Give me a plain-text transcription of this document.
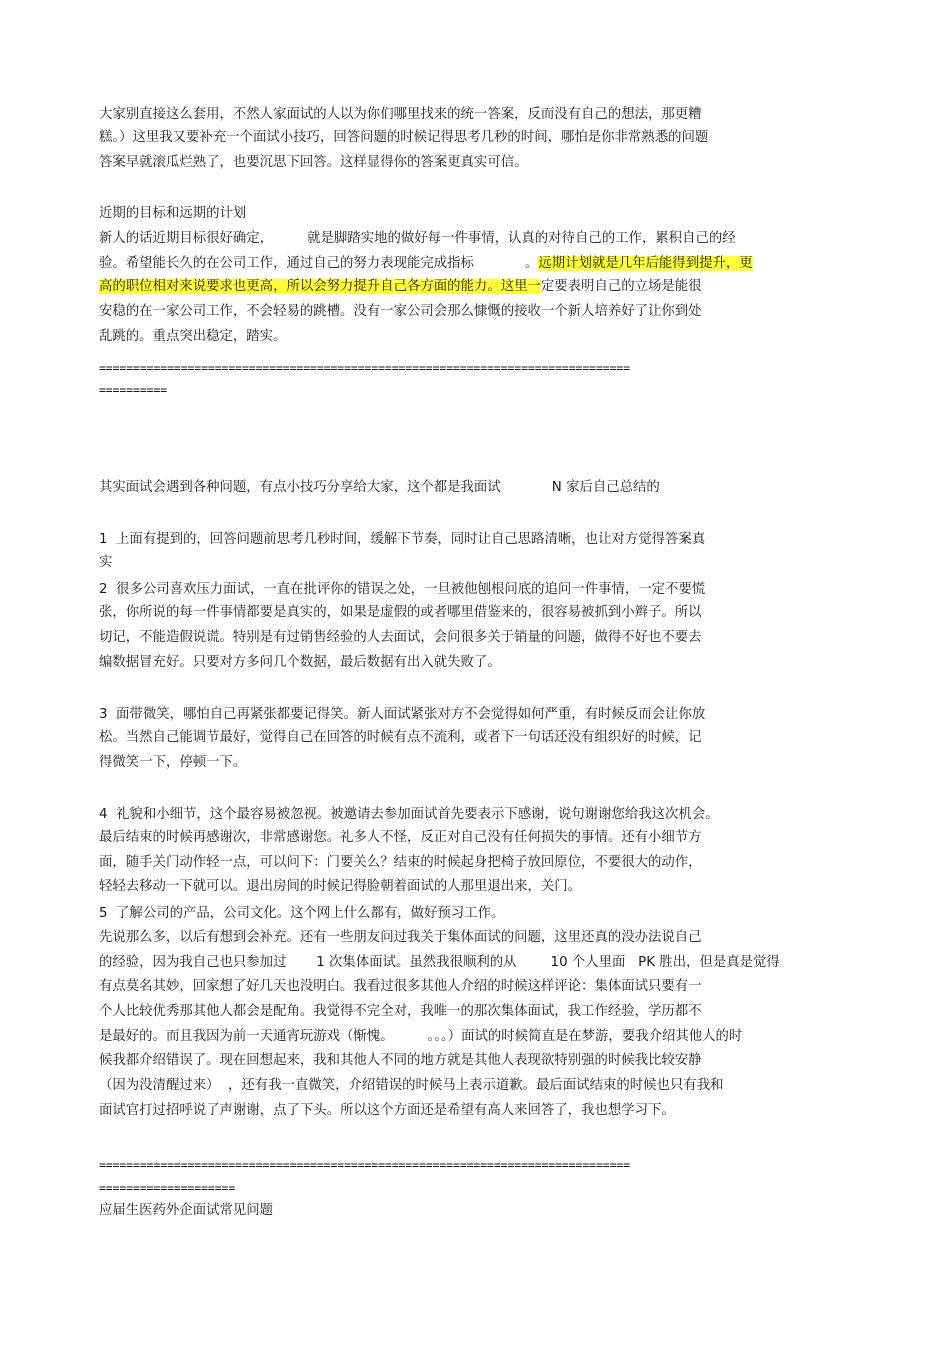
大家别直接这么套用，不然人家面试的人以为你们哪里找来的统一答案，反而没有自己的想法，那更糟

糕。）这里我又要补充一个面试小技巧，回答问题的时候记得思考几秒的时间，哪怕是你非常熟悉的问题

答案早就滚瓜烂熟了，也要沉思下回答。这样显得你的答案更真实可信。

近期的目标和远期的计划

新人的话近期目标很好确定，        就是脚踏实地的做好每一件事情，认真的对待自己的工作，累积自己的经

验。希望能长久的在公司工作，通过自己的努力表现能完成指标            。远期计划就是几年后能得到提升，更

高的职位相对来说要求也更高，所以会努力提升自己各方面的能力。这里一定要表明自己的立场是能很

安稳的在一家公司工作，不会轻易的跳槽。没有一家公司会那么慷慨的接收一个新人培养好了让你到处

乱跳的。重点突出稳定，踏实。

==============================================================================

==========

其实面试会遇到各种问题，有点小技巧分享给大家，这个都是我面试            N 家后自己总结的

1  上面有提到的，回答问题前思考几秒时间，缓解下节奏，同时让自己思路清晰，也让对方觉得答案真

实

2  很多公司喜欢压力面试，一直在批评你的错误之处，一旦被他刨根问底的追问一件事情，一定不要慌

张，你所说的每一件事情都要是真实的，如果是虚假的或者哪里借鉴来的，很容易被抓到小辫子。所以

切记，不能造假说谎。特别是有过销售经验的人去面试，会问很多关于销量的问题，做得不好也不要去

编数据冒充好。只要对方多问几个数据，最后数据有出入就失败了。

3  面带微笑，哪怕自己再紧张都要记得笑。新人面试紧张对方不会觉得如何严重，有时候反而会让你放

松。当然自己能调节最好，觉得自己在回答的时候有点不流利，或者下一句话还没有组织好的时候，记

得微笑一下，停顿一下。

4  礼貌和小细节，这个最容易被忽视。被邀请去参加面试首先要表示下感谢，说句谢谢您给我这次机会。

最后结束的时候再感谢次，非常感谢您。礼多人不怪，反正对自己没有任何损失的事情。还有小细节方

面，随手关门动作轻一点，可以问下：门要关么？结束的时候起身把椅子放回原位，不要很大的动作，

轻轻去移动一下就可以。退出房间的时候记得脸朝着面试的人那里退出来，关门。

5  了解公司的产品，公司文化。这个网上什么都有，做好预习工作。

先说那么多，以后有想到会补充。还有一些朋友问过我关于集体面试的问题，这里还真的没办法说自己

的经验，因为我自己也只参加过       1 次集体面试。虽然我很顺利的从        10 个人里面   PK 胜出，但是真是觉得

有点莫名其妙，回家想了好几天也没明白。我看过很多其他人介绍的时候这样评论：集体面试只要有一

个人比较优秀那其他人都会是配角。我觉得不完全对，我唯一的那次集体面试，我工作经验，学历都不

是最好的。而且我因为前一天通宵玩游戏（惭愧。        。。。）面试的时候简直是在梦游，要我介绍其他人的时

候我都介绍错误了。现在回想起来，我和其他人不同的地方就是其他人表现欲特别强的时候我比较安静

（因为没清醒过来）  ，还有我一直微笑，介绍错误的时候马上表示道歉。最后面试结束的时候也只有我和

面试官打过招呼说了声谢谢，点了下头。所以这个方面还是希望有高人来回答了，我也想学习下。

==============================================================================

====================

应届生医药外企面试常见问题
